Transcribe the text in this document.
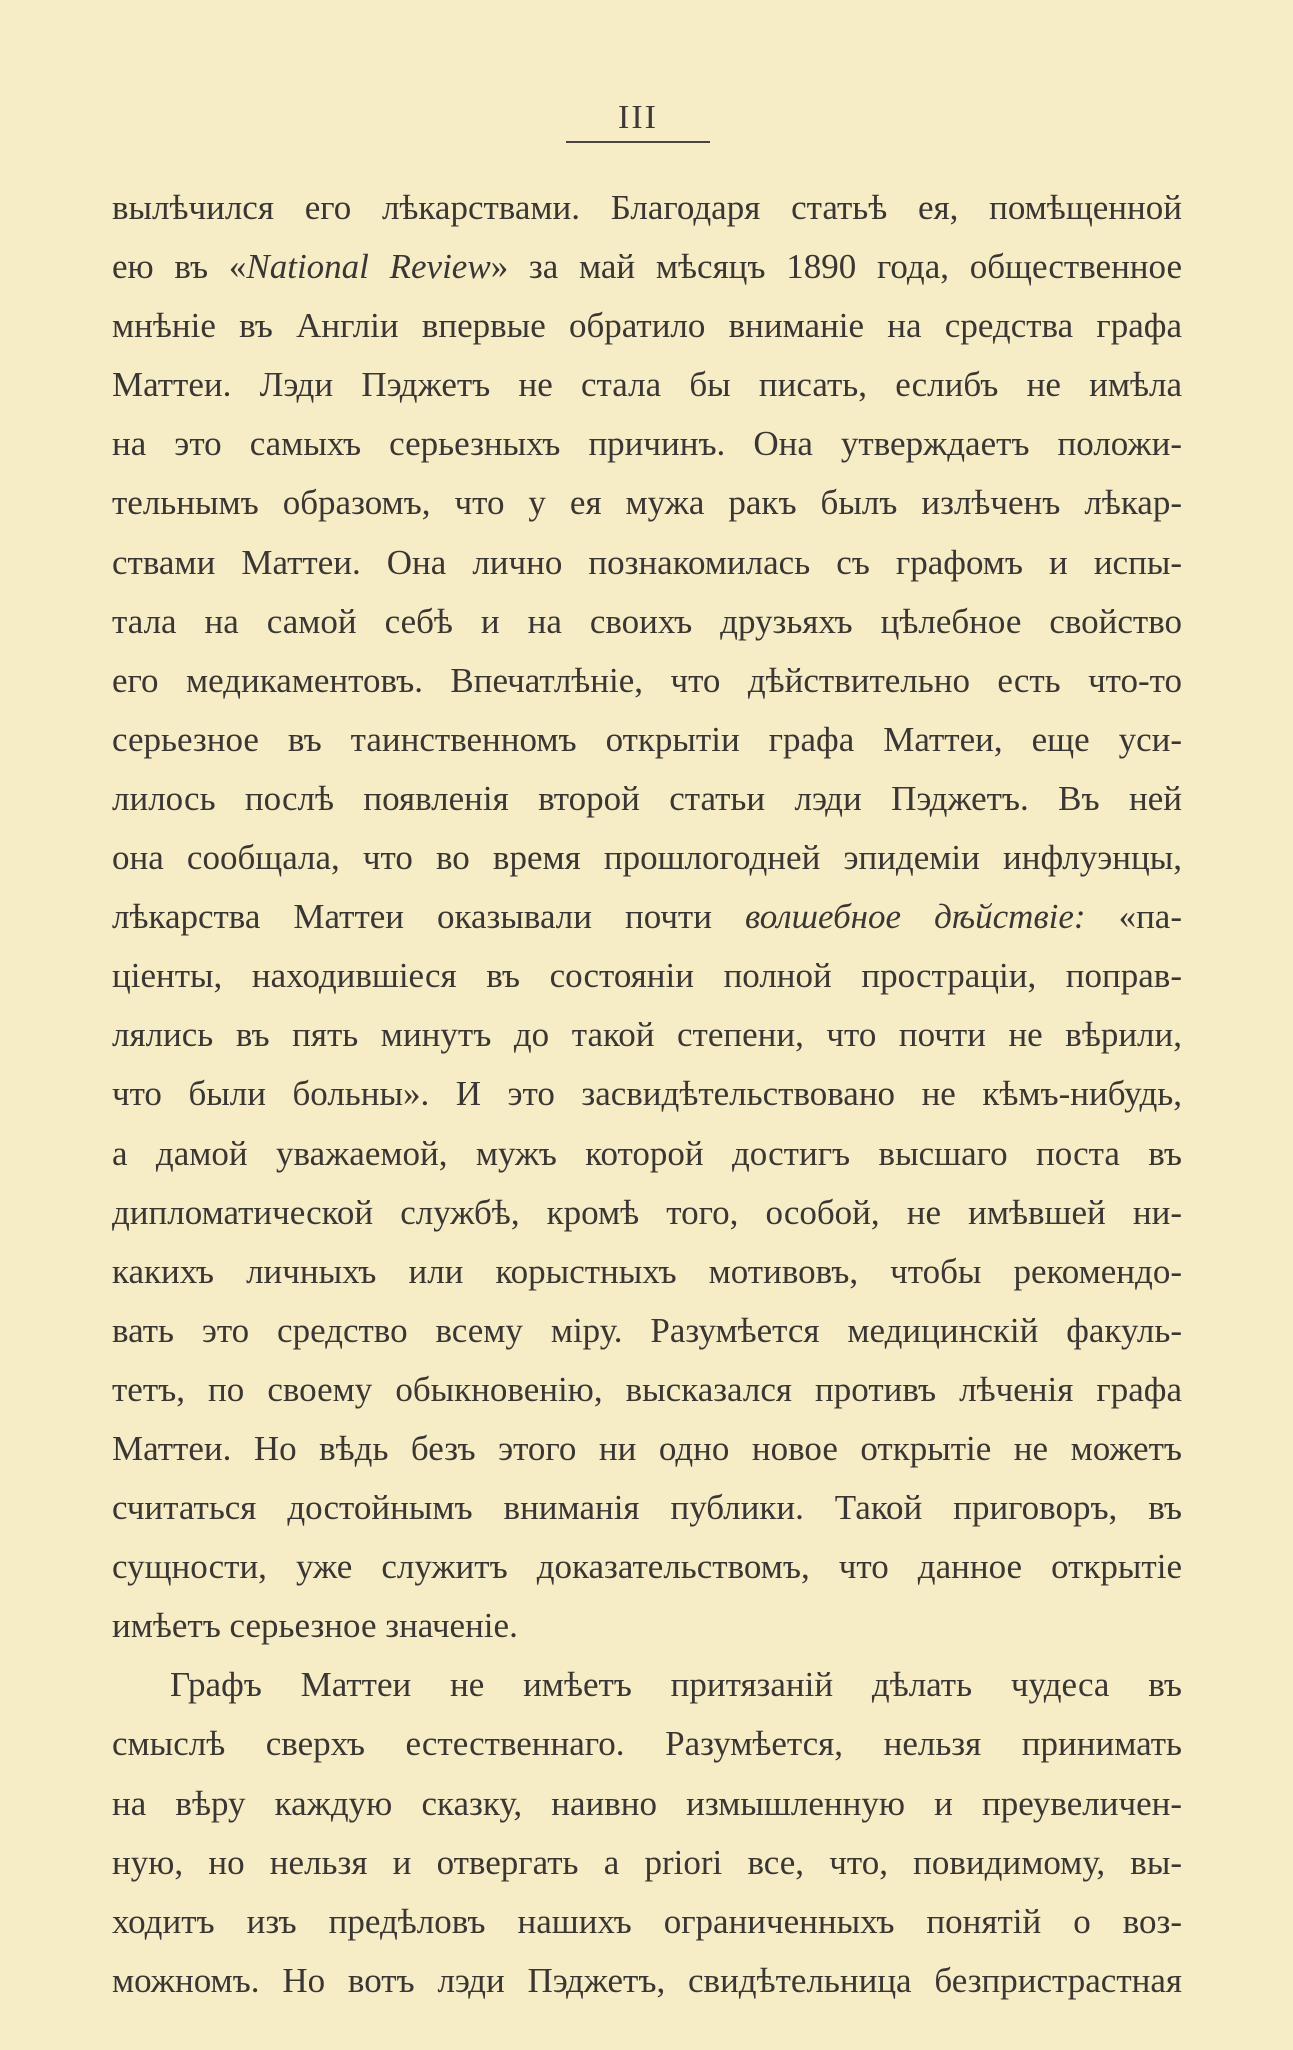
III
вылѣчился его лѣкарствами. Благодаря статьѣ ея, помѣщенной
ею въ «National Review» за май мѣсяцъ 1890 года, общественное
мнѣніе въ Англіи впервые обратило вниманіе на средства графа
Маттеи. Лэди Пэджетъ не стала бы писать, еслибъ не имѣла
на это самыхъ серьезныхъ причинъ. Она утверждаетъ положи-
тельнымъ образомъ, что у ея мужа ракъ былъ излѣченъ лѣкар-
ствами Маттеи. Она лично познакомилась съ графомъ и испы-
тала на самой себѣ и на своихъ друзьяхъ цѣлебное свойство
его медикаментовъ. Впечатлѣніе, что дѣйствительно есть что-то
серьезное въ таинственномъ открытіи графа Маттеи, еще уси-
лилось послѣ появленія второй статьи лэди Пэджетъ. Въ ней
она сообщала, что во время прошлогодней эпидеміи инфлуэнцы,
лѣкарства Маттеи оказывали почти волшебное дѣйствіе: «па-
ціенты, находившіеся въ состояніи полной прострацiи, поправ-
лялись въ пять минутъ до такой степени, что почти не вѣрили,
что были больны». И это засвидѣтельствовано не кѣмъ-нибудь,
а дамой уважаемой, мужъ которой достигъ высшаго поста въ
дипломатической службѣ, кромѣ того, особой, не имѣвшей ни-
какихъ личныхъ или корыстныхъ мотивовъ, чтобы рекомендо-
вать это средство всему міру. Разумѣется медицинскій факуль-
тетъ, по своему обыкновенію, высказался противъ лѣченія графа
Маттеи. Но вѣдь безъ этого ни одно новое открытіе не можетъ
считаться достойнымъ вниманія публики. Такой приговоръ, въ
сущности, уже служитъ доказательствомъ, что данное открытіе
имѣетъ серьезное значеніе.
Графъ Маттеи не имѣетъ притязаній дѣлать чудеса въ
смыслѣ сверхъ естественнаго. Разумѣется, нельзя принимать
на вѣру каждую сказку, наивно измышленную и преувеличен-
ную, но нельзя и отвергать a priori все, что, повидимому, вы-
ходитъ изъ предѣловъ нашихъ ограниченныхъ понятій о воз-
можномъ. Но вотъ лэди Пэджетъ, свидѣтельница безпристрастная
